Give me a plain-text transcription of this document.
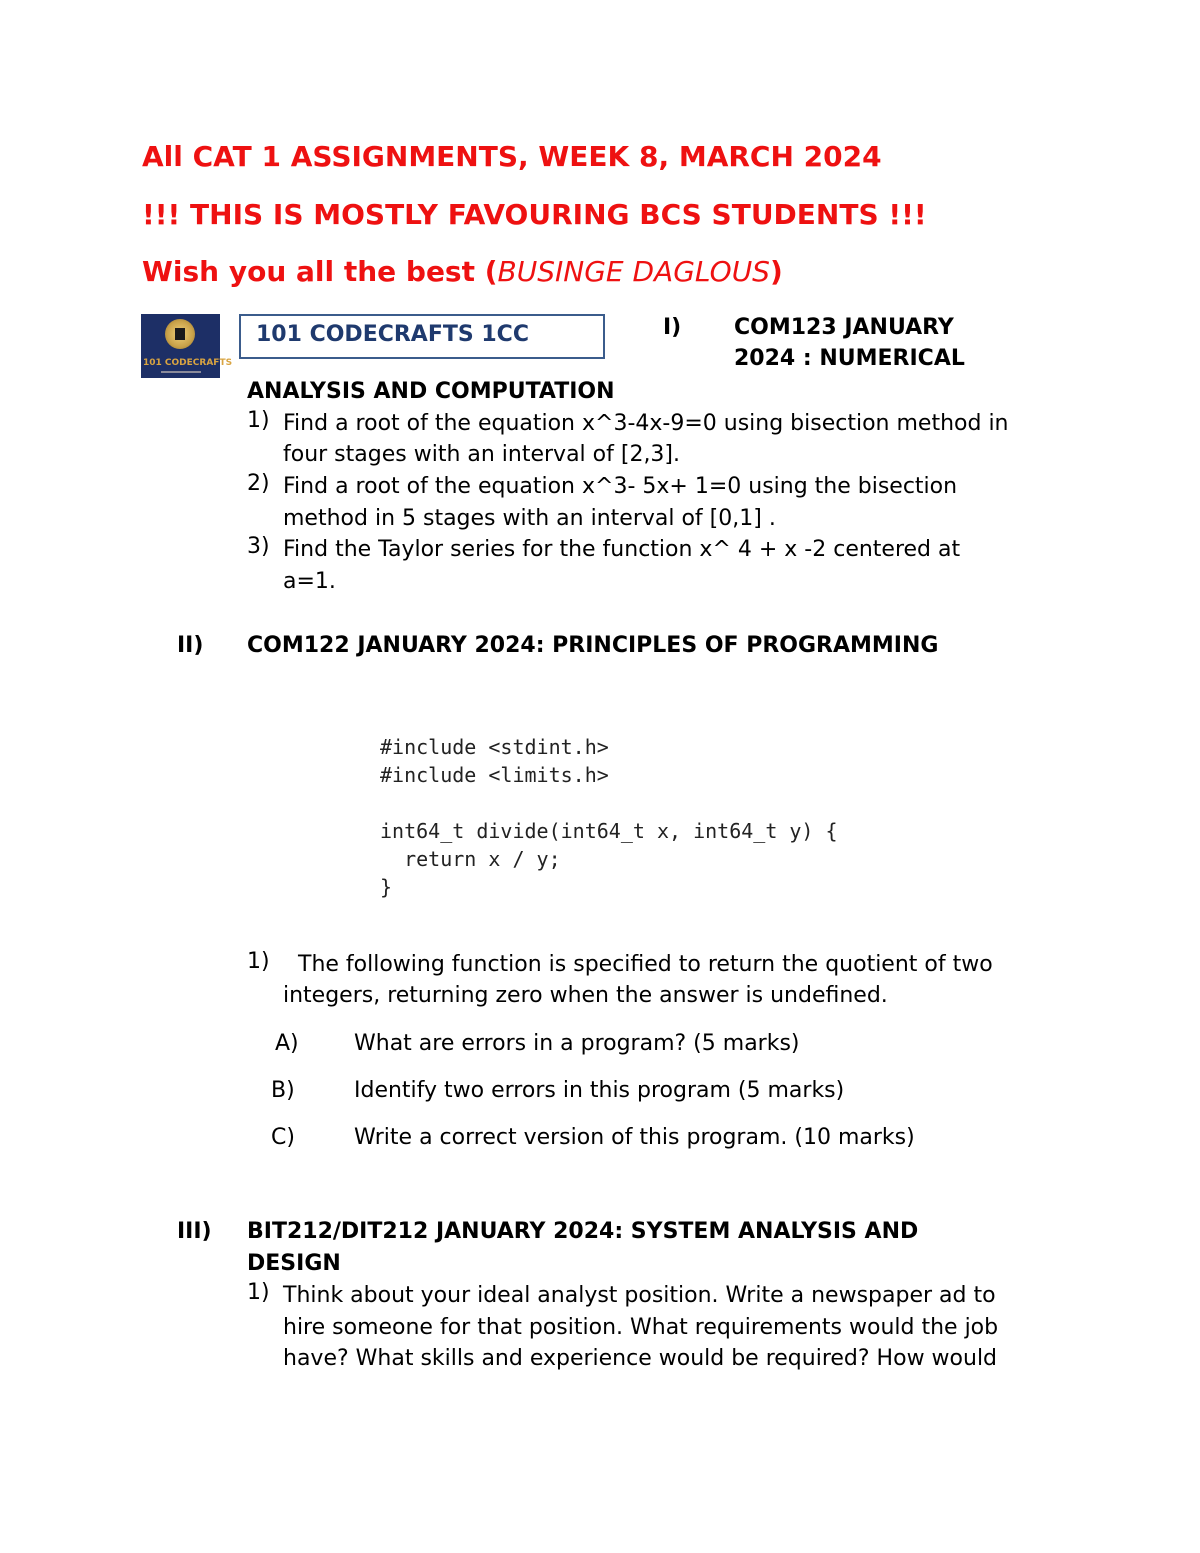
All CAT 1 ASSIGNMENTS, WEEK 8, MARCH 2024
!!! THIS IS MOSTLY FAVOURING BCS STUDENTS !!!
Wish you all the best (BUSINGE DAGLOUS)
101 CODECRAFTS
101 CODECRAFTS 1CC	I) COM123 JANUARY
2024 : NUMERICAL
ANALYSIS AND COMPUTATION
1) Find a root of the equation x^3-4x-9=0 using bisection method in
four stages with an interval of [2,3].
2) Find a root of the equation x^3- 5x+ 1=0 using the bisection
method in 5 stages with an interval of [0,1] .
3) Find the Taylor series for the function x^ 4 + x -2 centered at
a=1.
II) COM122 JANUARY 2024: PRINCIPLES OF PROGRAMMING
#include <stdint.h>
#include <limits.h>

int64_t divide(int64_t x, int64_t y) {
return x / y;
}
1) The following function is specified to return the quotient of two
integers, returning zero when the answer is undefined.
A)	What are errors in a program? (5 marks)
B)	Identify two errors in this program (5 marks)
C)	Write a correct version of this program. (10 marks)
III) BIT212/DIT212 JANUARY 2024: SYSTEM ANALYSIS AND
DESIGN
1) Think about your ideal analyst position. Write a newspaper ad to
hire someone for that position. What requirements would the job
have? What skills and experience would be required? How would
